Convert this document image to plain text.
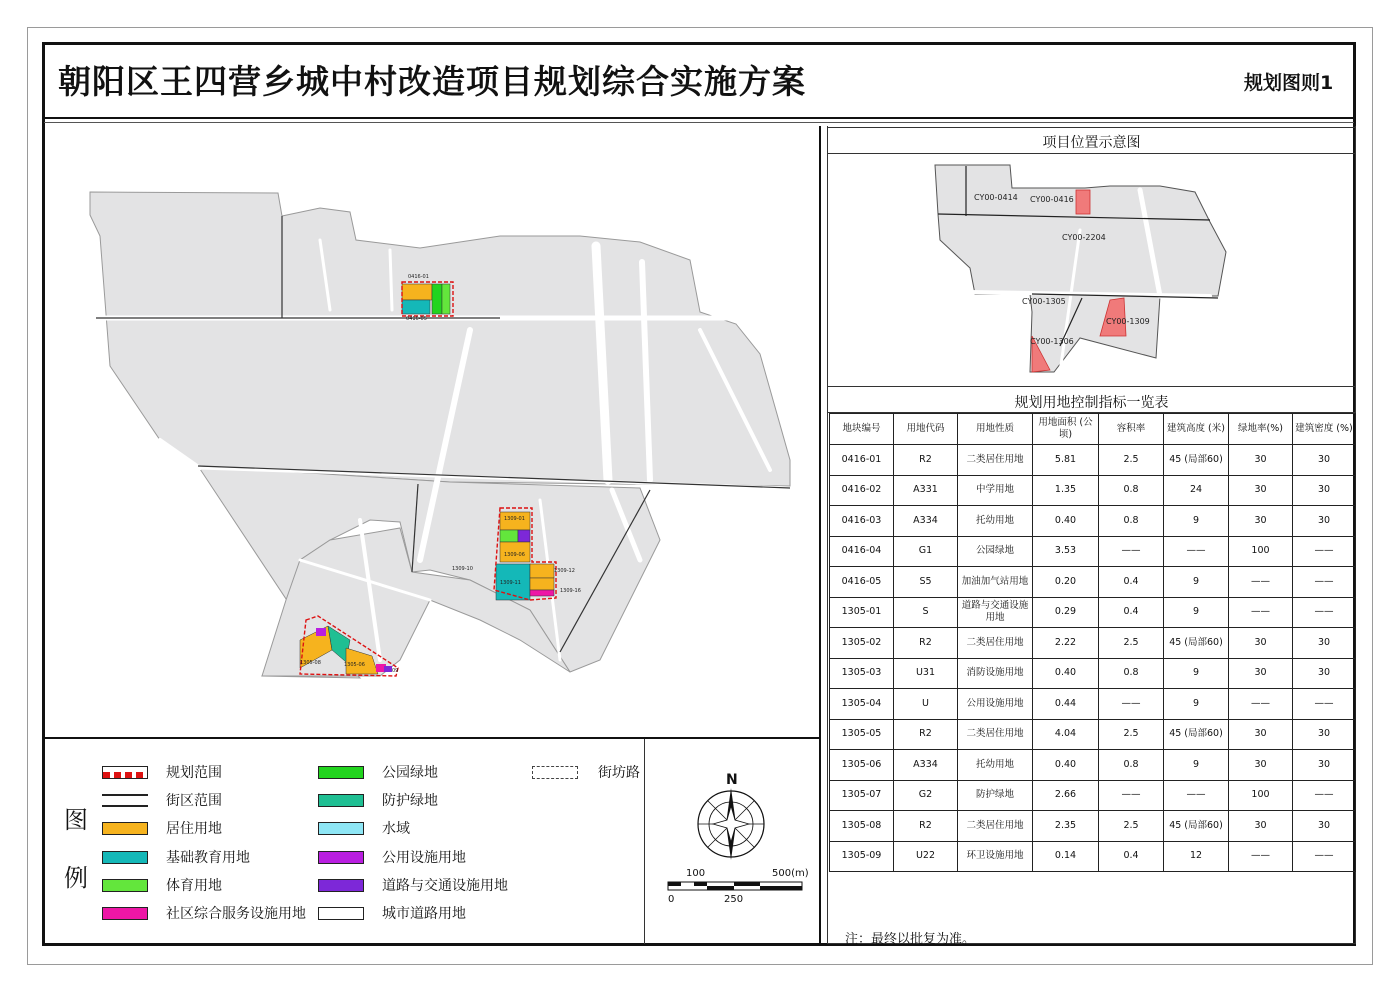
朝阳区王四营乡城中村改造项目规划综合实施方案	规划图则1
0416-01
0416-05
1309-01
1309-06
1309-11
1309-12
1309-16
1309-10
1305-08	1305-06
09
项目位置示意图
CY00-0414 CY00-0416
CY00-2204
CY00-1305
CY00-1309
CY00-1306
规划用地控制指标一览表
地块编号	用地代码	用地性质	用地面积 (公顷)	容积率	建筑高度 (米)	绿地率(%)	建筑密度 (%)
0416-01	R2	二类居住用地	5.81	2.5	45 (局部60)	30	30
0416-02	A331	中学用地	1.35	0.8	24	30	30
0416-03	A334	托幼用地	0.40	0.8	9	30	30
0416-04	G1	公园绿地	3.53	——	——	100	——
0416-05	S5	加油加气站用地	0.20	0.4	9	——	——
1305-01	S	道路与交通设施用地	0.29	0.4	9	——	——
1305-02	R2	二类居住用地	2.22	2.5	45 (局部60)	30	30
1305-03	U31	消防设施用地	0.40	0.8	9	30	30
1305-04	U	公用设施用地	0.44	——	9	——	——
1305-05	R2	二类居住用地	4.04	2.5	45 (局部60)	30	30
1305-06	A334	托幼用地	0.40	0.8	9	30	30
1305-07	G2	防护绿地	2.66	——	——	100	——
1305-08	R2	二类居住用地	2.35	2.5	45 (局部60)	30	30
1305-09	U22	环卫设施用地	0.14	0.4	12	——	——
注：最终以批复为准。
图
例
规划范围
街区范围
居住用地
基础教育用地
体育用地
社区综合服务设施用地
公园绿地
防护绿地
水域
公用设施用地
道路与交通设施用地
城市道路用地
街坊路	N
100	500(m)
0	250
